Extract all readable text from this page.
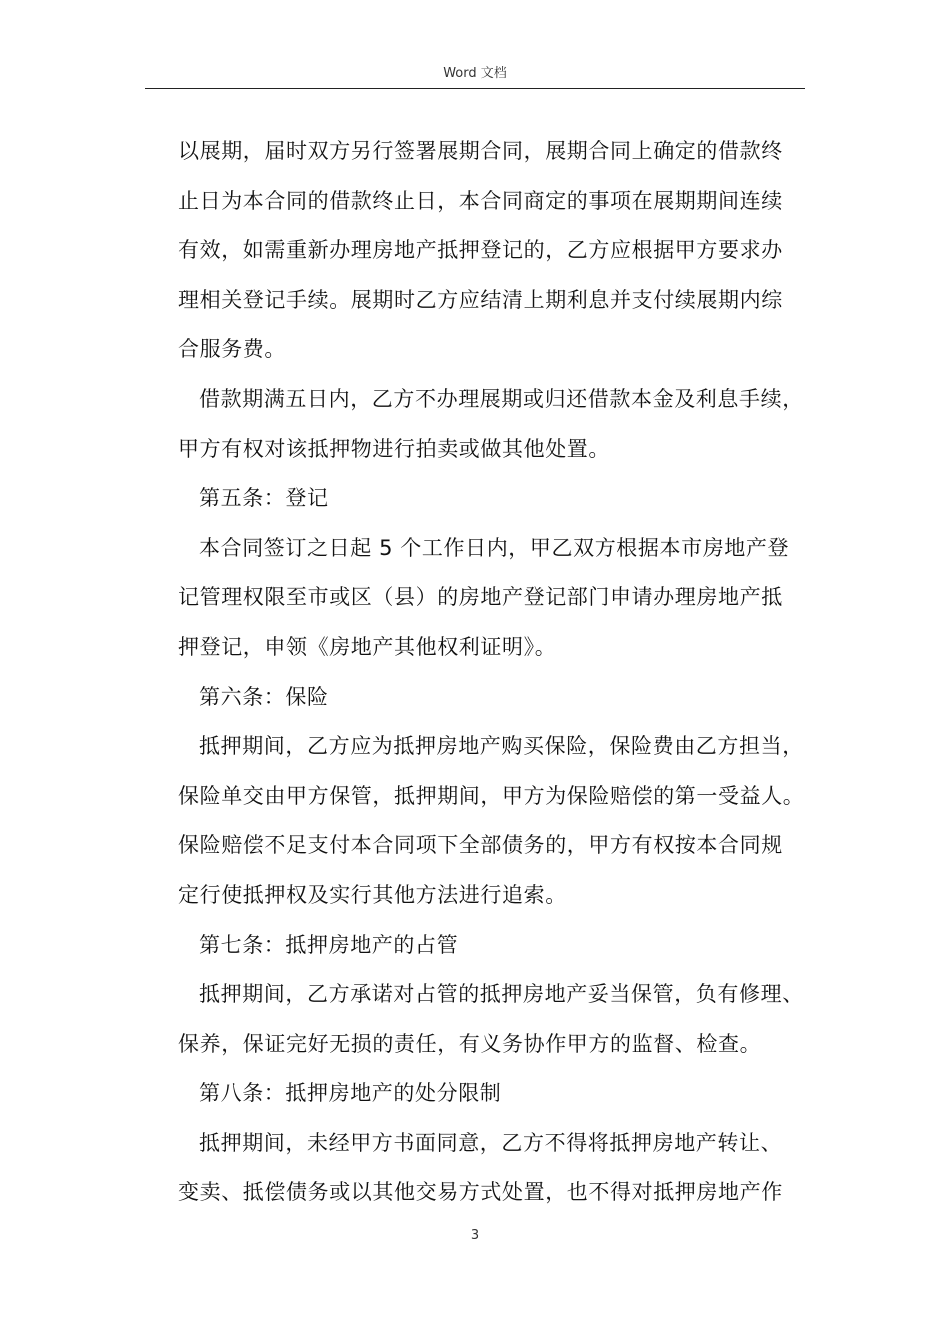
Word 文档
以展期，届时双方另行签署展期合同，展期合同上确定的借款终
止日为本合同的借款终止日，本合同商定的事项在展期期间连续
有效，如需重新办理房地产抵押登记的，乙方应根据甲方要求办
理相关登记手续。展期时乙方应结清上期利息并支付续展期内综
合服务费。
借款期满五日内，乙方不办理展期或归还借款本金及利息手续，
甲方有权对该抵押物进行拍卖或做其他处置。
第五条：登记
本合同签订之日起 5 个工作日内，甲乙双方根据本市房地产登
记管理权限至市或区（县）的房地产登记部门申请办理房地产抵
押登记，申领《房地产其他权利证明》。
第六条：保险
抵押期间，乙方应为抵押房地产购买保险，保险费由乙方担当，
保险单交由甲方保管，抵押期间，甲方为保险赔偿的第一受益人。
保险赔偿不足支付本合同项下全部债务的，甲方有权按本合同规
定行使抵押权及实行其他方法进行追索。
第七条：抵押房地产的占管
抵押期间，乙方承诺对占管的抵押房地产妥当保管，负有修理、
保养，保证完好无损的责任，有义务协作甲方的监督、检查。
第八条：抵押房地产的处分限制
抵押期间，未经甲方书面同意，乙方不得将抵押房地产转让、
变卖、抵偿债务或以其他交易方式处置，也不得对抵押房地产作
3
